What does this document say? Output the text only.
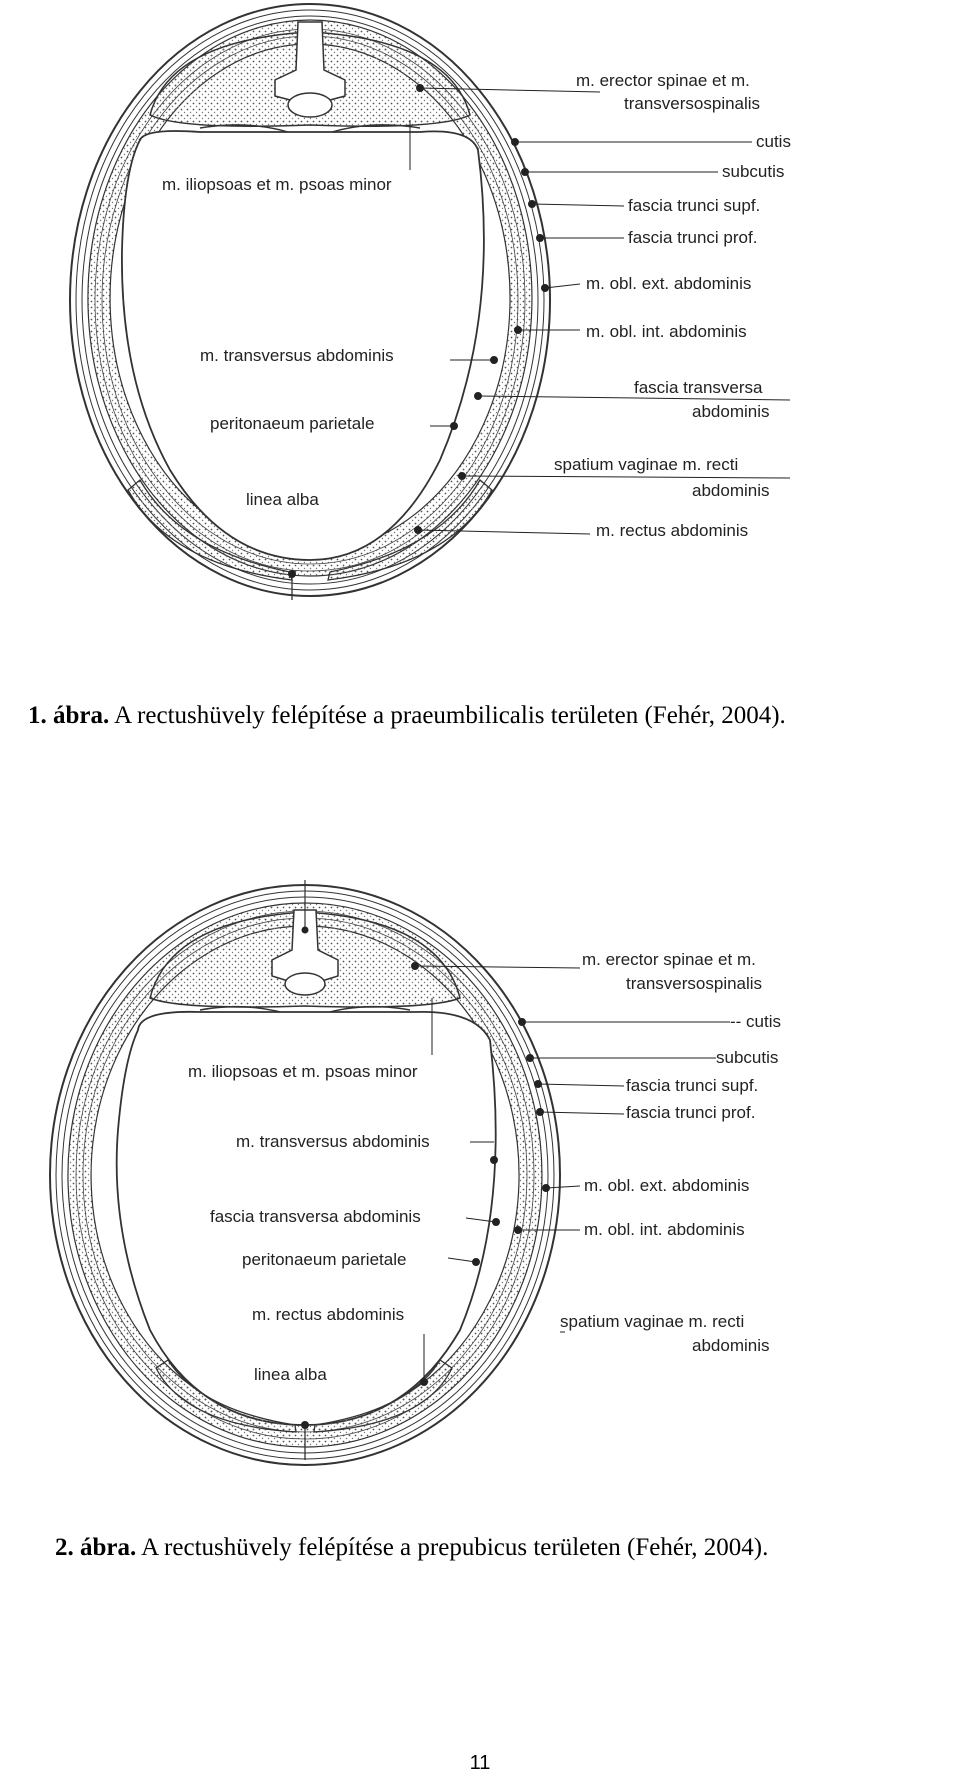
m. erector spinae et m.
transversospinalis
cutis
subcutis
fascia trunci supf.
fascia trunci prof.
m. obl. ext. abdominis
m. obl. int. abdominis
fascia transversa
abdominis
spatium vaginae m. recti
abdominis
m. rectus abdominis
m. iliopsoas et m. psoas minor
m. transversus abdominis
peritonaeum parietale
linea alba
1. ábra. A rectushüvely felépítése a praeumbilicalis területen (Fehér, 2004).
m. erector spinae et m.
transversospinalis
-- cutis
subcutis
fascia trunci supf.
fascia trunci prof.
m. obl. ext. abdominis
m. obl. int. abdominis
spatium vaginae m. recti
abdominis
m. iliopsoas et m. psoas minor
m. transversus abdominis
fascia transversa abdominis
peritonaeum parietale
m. rectus abdominis
linea alba
2. ábra. A rectushüvely felépítése a prepubicus területen (Fehér, 2004).
11
